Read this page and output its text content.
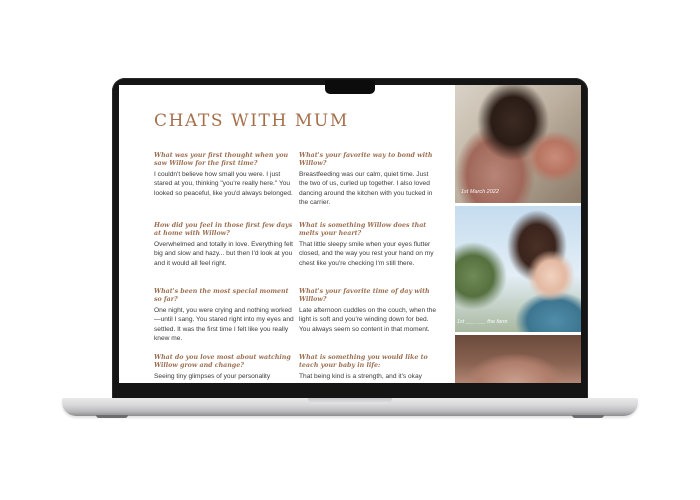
CHATS WITH MUM

What was your first thought when you saw Willow for the first time?

I couldn't believe how small you were. I just stared at you, thinking "you're really here." You looked so peaceful, like you'd always belonged.

How did you feel in those first few days at home with Willow?

Overwhelmed and totally in love. Everything felt big and slow and hazy... but then I'd look at you and it would all feel right.

What's been the most special moment so far?

One night, you were crying and nothing worked—until I sang. You stared right into my eyes and settled. It was the first time I felt like you really knew me.

What do you love most about watching Willow grow and change?

Seeing tiny glimpses of your personality

What's your favorite way to bond with Willow?

Breastfeeding was our calm, quiet time. Just the two of us, curled up together. I also loved dancing around the kitchen with you tucked in the carrier.

What is something Willow does that melts your heart?

That little sleepy smile when your eyes flutter closed, and the way you rest your hand on my chest like you're checking I'm still there.

What's your favorite time of day with Willow?

Late afternoon cuddles on the couch, when the light is soft and you're winding down for bed. You always seem so content in that moment.

What is something you would like to teach your baby in life:

That being kind is a strength, and it's okay

1st March 2022
1st ___ ___ the farm
